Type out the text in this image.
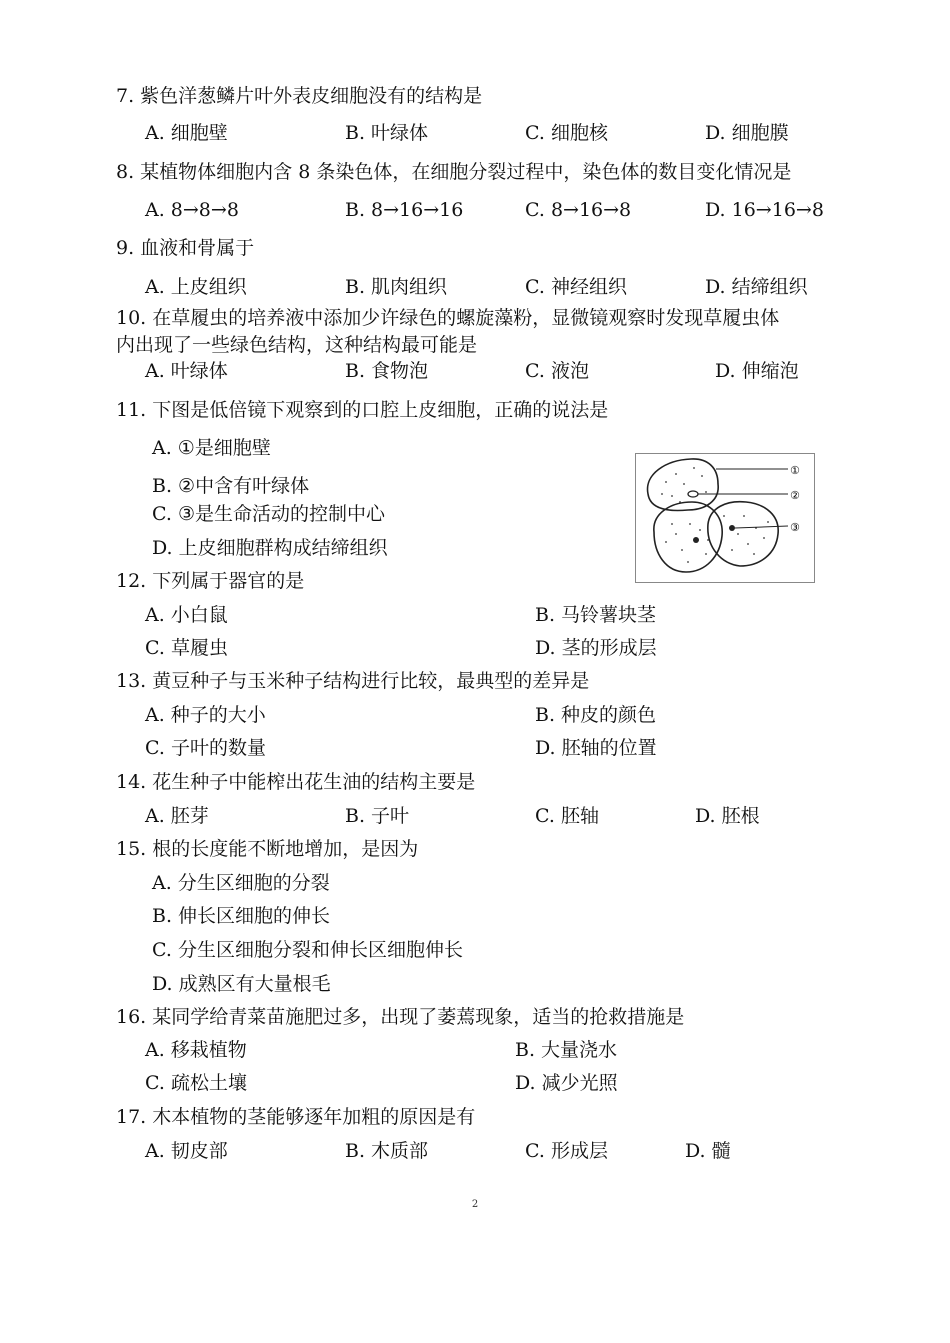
7. 紫色洋葱鳞片叶外表皮细胞没有的结构是
A. 细胞壁	B. 叶绿体	C. 细胞核	D. 细胞膜
8. 某植物体细胞内含 8 条染色体，在细胞分裂过程中，染色体的数目变化情况是
A. 8→8→8	B. 8→16→16	C. 8→16→8	D. 16→16→8
9. 血液和骨属于
A. 上皮组织	B. 肌肉组织	C. 神经组织	D. 结缔组织
10. 在草履虫的培养液中添加少许绿色的螺旋藻粉，显微镜观察时发现草履虫体
内出现了一些绿色结构，这种结构最可能是
A. 叶绿体	B. 食物泡	C. 液泡	D. 伸缩泡
11. 下图是低倍镜下观察到的口腔上皮细胞，正确的说法是
A. ①是细胞壁
B. ②中含有叶绿体
C. ③是生命活动的控制中心
D. 上皮细胞群构成结缔组织
①
②
③
12. 下列属于器官的是
A. 小白鼠	B. 马铃薯块茎
C. 草履虫	D. 茎的形成层
13. 黄豆种子与玉米种子结构进行比较，最典型的差异是
A. 种子的大小	B. 种皮的颜色
C. 子叶的数量	D. 胚轴的位置
14. 花生种子中能榨出花生油的结构主要是
A. 胚芽	B. 子叶	C. 胚轴	D. 胚根
15. 根的长度能不断地增加，是因为
A. 分生区细胞的分裂
B. 伸长区细胞的伸长
C. 分生区细胞分裂和伸长区细胞伸长
D. 成熟区有大量根毛
16. 某同学给青菜苗施肥过多，出现了萎蔫现象，适当的抢救措施是
A. 移栽植物	B. 大量浇水
C. 疏松土壤	D. 减少光照
17. 木本植物的茎能够逐年加粗的原因是有
A. 韧皮部	B. 木质部	C. 形成层	D. 髓
2
